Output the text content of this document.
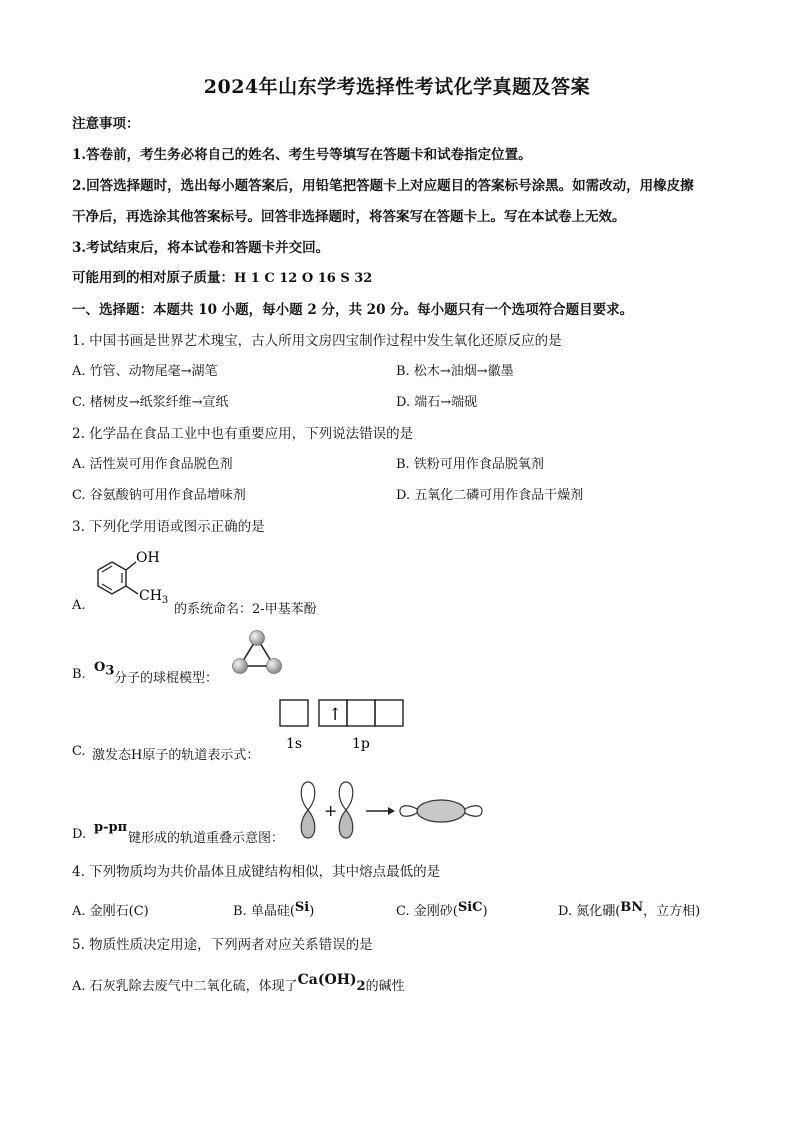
2024年山东学考选择性考试化学真题及答案
注意事项：
1.答卷前，考生务必将自己的姓名、考生号等填写在答题卡和试卷指定位置。
2.回答选择题时，选出每小题答案后，用铅笔把答题卡上对应题目的答案标号涂黑。如需改动，用橡皮擦
干净后，再选涂其他答案标号。回答非选择题时，将答案写在答题卡上。写在本试卷上无效。
3.考试结束后，将本试卷和答题卡并交回。
可能用到的相对原子质量：H 1 C 12 O 16 S 32
一、选择题：本题共 10 小题，每小题 2 分，共 20 分。每小题只有一个选项符合题目要求。
1. 中国书画是世界艺术瑰宝，古人所用文房四宝制作过程中发生氧化还原反应的是
A. 竹管、动物尾毫→湖笔	B. 松木→油烟→徽墨
C. 楮树皮→纸浆纤维→宣纸	D. 端石→端砚
2. 化学品在食品工业中也有重要应用，下列说法错误的是
A. 活性炭可用作食品脱色剂	B. 铁粉可用作食品脱氧剂
C. 谷氨酸钠可用作食品增味剂	D. 五氧化二磷可用作食品干燥剂
3. 下列化学用语或图示正确的是
A.
OH
$CH_3$
的系统命名：2-甲基苯酚
B. $O_3$ 分子的球棍模型：
C. 激发态H原子的轨道表示式：
↑
1s	1p
D. p-pπ
键形成的轨道重叠示意图：
+
4. 下列物质均为共价晶体且成键结构相似，其中熔点最低的是
A. 金刚石(C)	B. 单晶硅(Si)	C. 金刚砂(SiC)	D. 氮化硼(BN，立方相)
5. 物质性质决定用途，下列两者对应关系错误的是
A. 石灰乳除去废气中二氧化硫，体现了$Ca(OH)_2$的碱性
